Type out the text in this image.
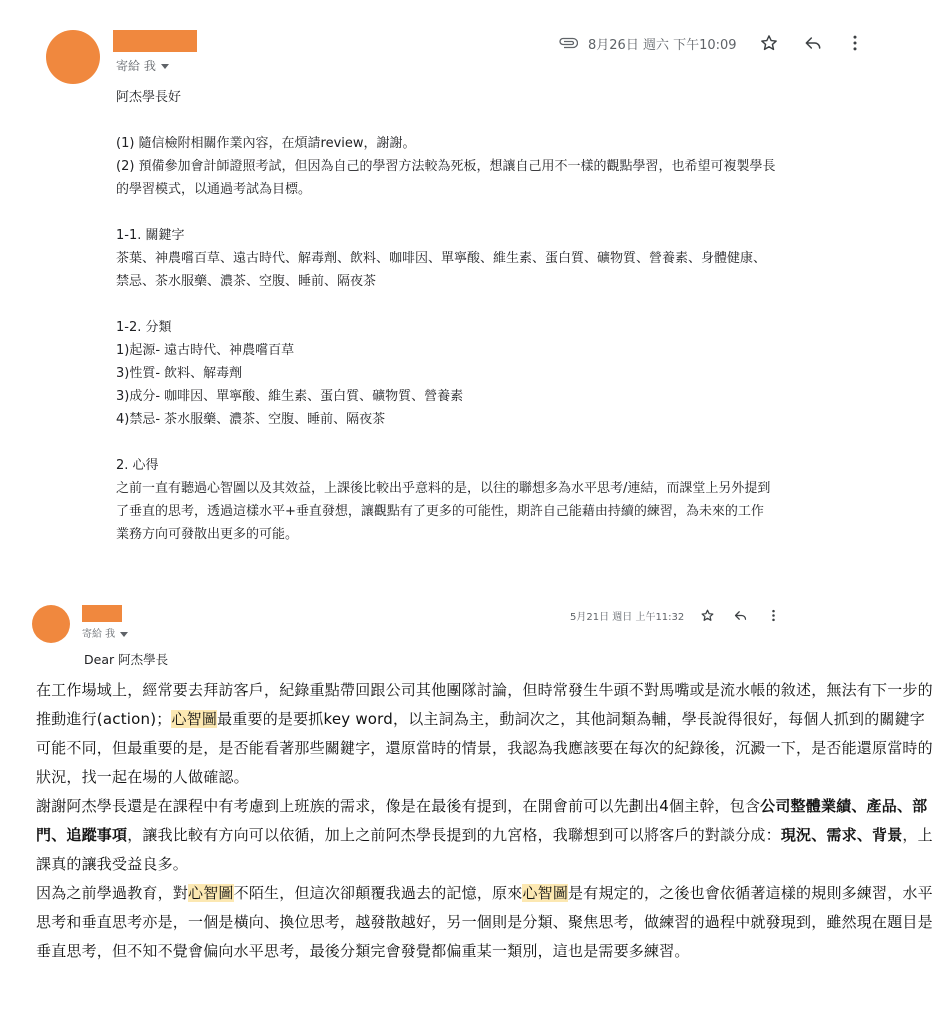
寄給 我
8月26日 週六 下午10:09

阿杰學長好

(1) 隨信檢附相關作業內容，在煩請review，謝謝。

(2) 預備參加會計師證照考試，但因為自己的學習方法較為死板，想讓自己用不一樣的觀點學習，也希望可複製學長

的學習模式，以通過考試為目標。

1-1. 關鍵字

茶葉、神農嚐百草、遠古時代、解毒劑、飲料、咖啡因、單寧酸、維生素、蛋白質、礦物質、營養素、身體健康、

禁忌、茶水服藥、濃茶、空腹、睡前、隔夜茶

1-2. 分類

1)起源- 遠古時代、神農嚐百草

3)性質- 飲料、解毒劑

3)成分- 咖啡因、單寧酸、維生素、蛋白質、礦物質、營養素

4)禁忌- 茶水服藥、濃茶、空腹、睡前、隔夜茶

2. 心得

之前一直有聽過心智圖以及其效益，上課後比較出乎意料的是，以往的聯想多為水平思考/連結，而課堂上另外提到

了垂直的思考，透過這樣水平+垂直發想，讓觀點有了更多的可能性，期許自己能藉由持續的練習，為未來的工作

業務方向可發散出更多的可能。

寄給 我
5月21日 週日 上午11:32
Dear 阿杰學長

在工作場域上，經常要去拜訪客戶，紀錄重點帶回跟公司其他團隊討論，但時常發生牛頭不對馬嘴或是流水帳的敘述，無法有下一步的推動進行(action)；心智圖最重要的是要抓key word，以主詞為主，動詞次之，其他詞類為輔，學長說得很好，每個人抓到的關鍵字可能不同，但最重要的是，是否能看著那些關鍵字，還原當時的情景，我認為我應該要在每次的紀錄後，沉澱一下，是否能還原當時的狀況，找一起在場的人做確認。

謝謝阿杰學長還是在課程中有考慮到上班族的需求，像是在最後有提到，在開會前可以先劃出4個主幹，包含公司整體業績、產品、部門、追蹤事項，讓我比較有方向可以依循，加上之前阿杰學長提到的九宮格，我聯想到可以將客戶的對談分成：現況、需求、背景，上課真的讓我受益良多。

因為之前學過教育，對心智圖不陌生，但這次卻顛覆我過去的記憶，原來心智圖是有規定的，之後也會依循著這樣的規則多練習，水平思考和垂直思考亦是，一個是橫向、換位思考，越發散越好，另一個則是分類、聚焦思考，做練習的過程中就發現到，雖然現在題目是垂直思考，但不知不覺會偏向水平思考，最後分類完會發覺都偏重某一類別，這也是需要多練習。
